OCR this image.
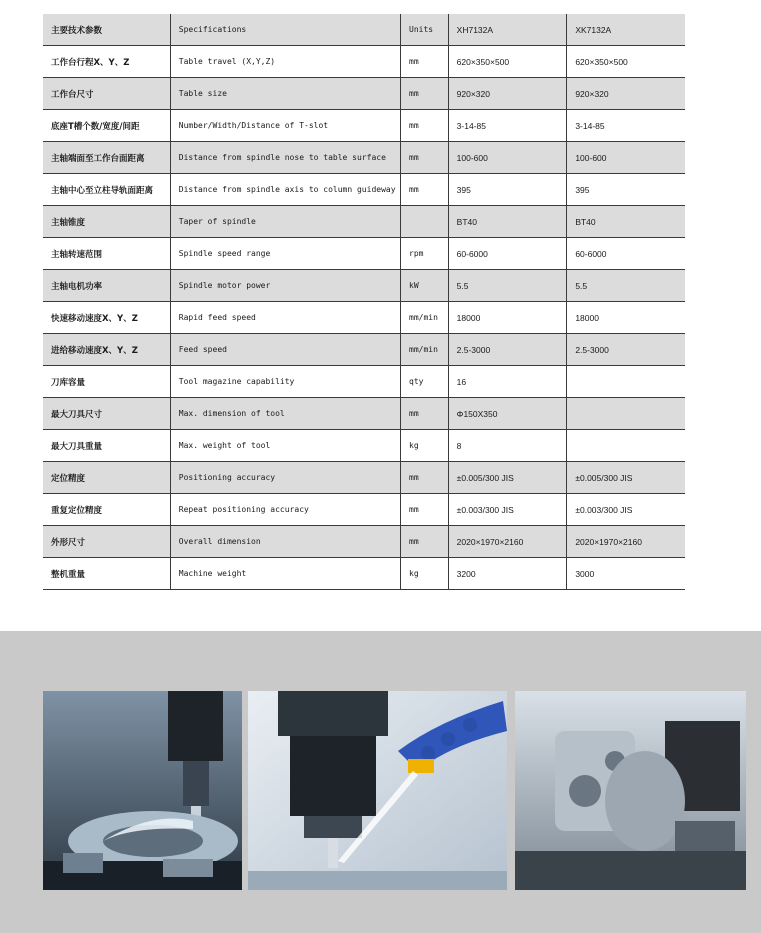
主要技术参数	Specifications	Units	XH7132A	XK7132A
工作台行程X、Y、Z	Table travel (X,Y,Z)	mm	620×350×500	620×350×500
工作台尺寸	Table size	mm	920×320	920×320
底座T槽个数/宽度/间距	Number/Width/Distance of T-slot	mm	3-14-85	3-14-85
主轴端面至工作台面距离	Distance from spindle nose to table surface	mm	100-600	100-600
主轴中心至立柱导轨面距离	Distance from spindle axis to column guideway	mm	395	395
主轴锥度	Taper of spindle		BT40	BT40
主轴转速范围	Spindle speed range	rpm	60-6000	60-6000
主轴电机功率	Spindle motor power	kW	5.5	5.5
快速移动速度X、Y、Z	Rapid feed speed	mm/min	18000	18000
进给移动速度X、Y、Z	Feed speed	mm/min	2.5-3000	2.5-3000
刀库容量	Tool magazine capability	qty	16	
最大刀具尺寸	Max. dimension of tool	mm	Φ150X350	
最大刀具重量	Max. weight of tool	kg	8	
定位精度	Positioning accuracy	mm	±0.005/300 JIS	±0.005/300 JIS
重复定位精度	Repeat positioning accuracy	mm	±0.003/300 JIS	±0.003/300 JIS
外形尺寸	Overall dimension	mm	2020×1970×2160	2020×1970×2160
整机重量	Machine weight	kg	3200	3000
